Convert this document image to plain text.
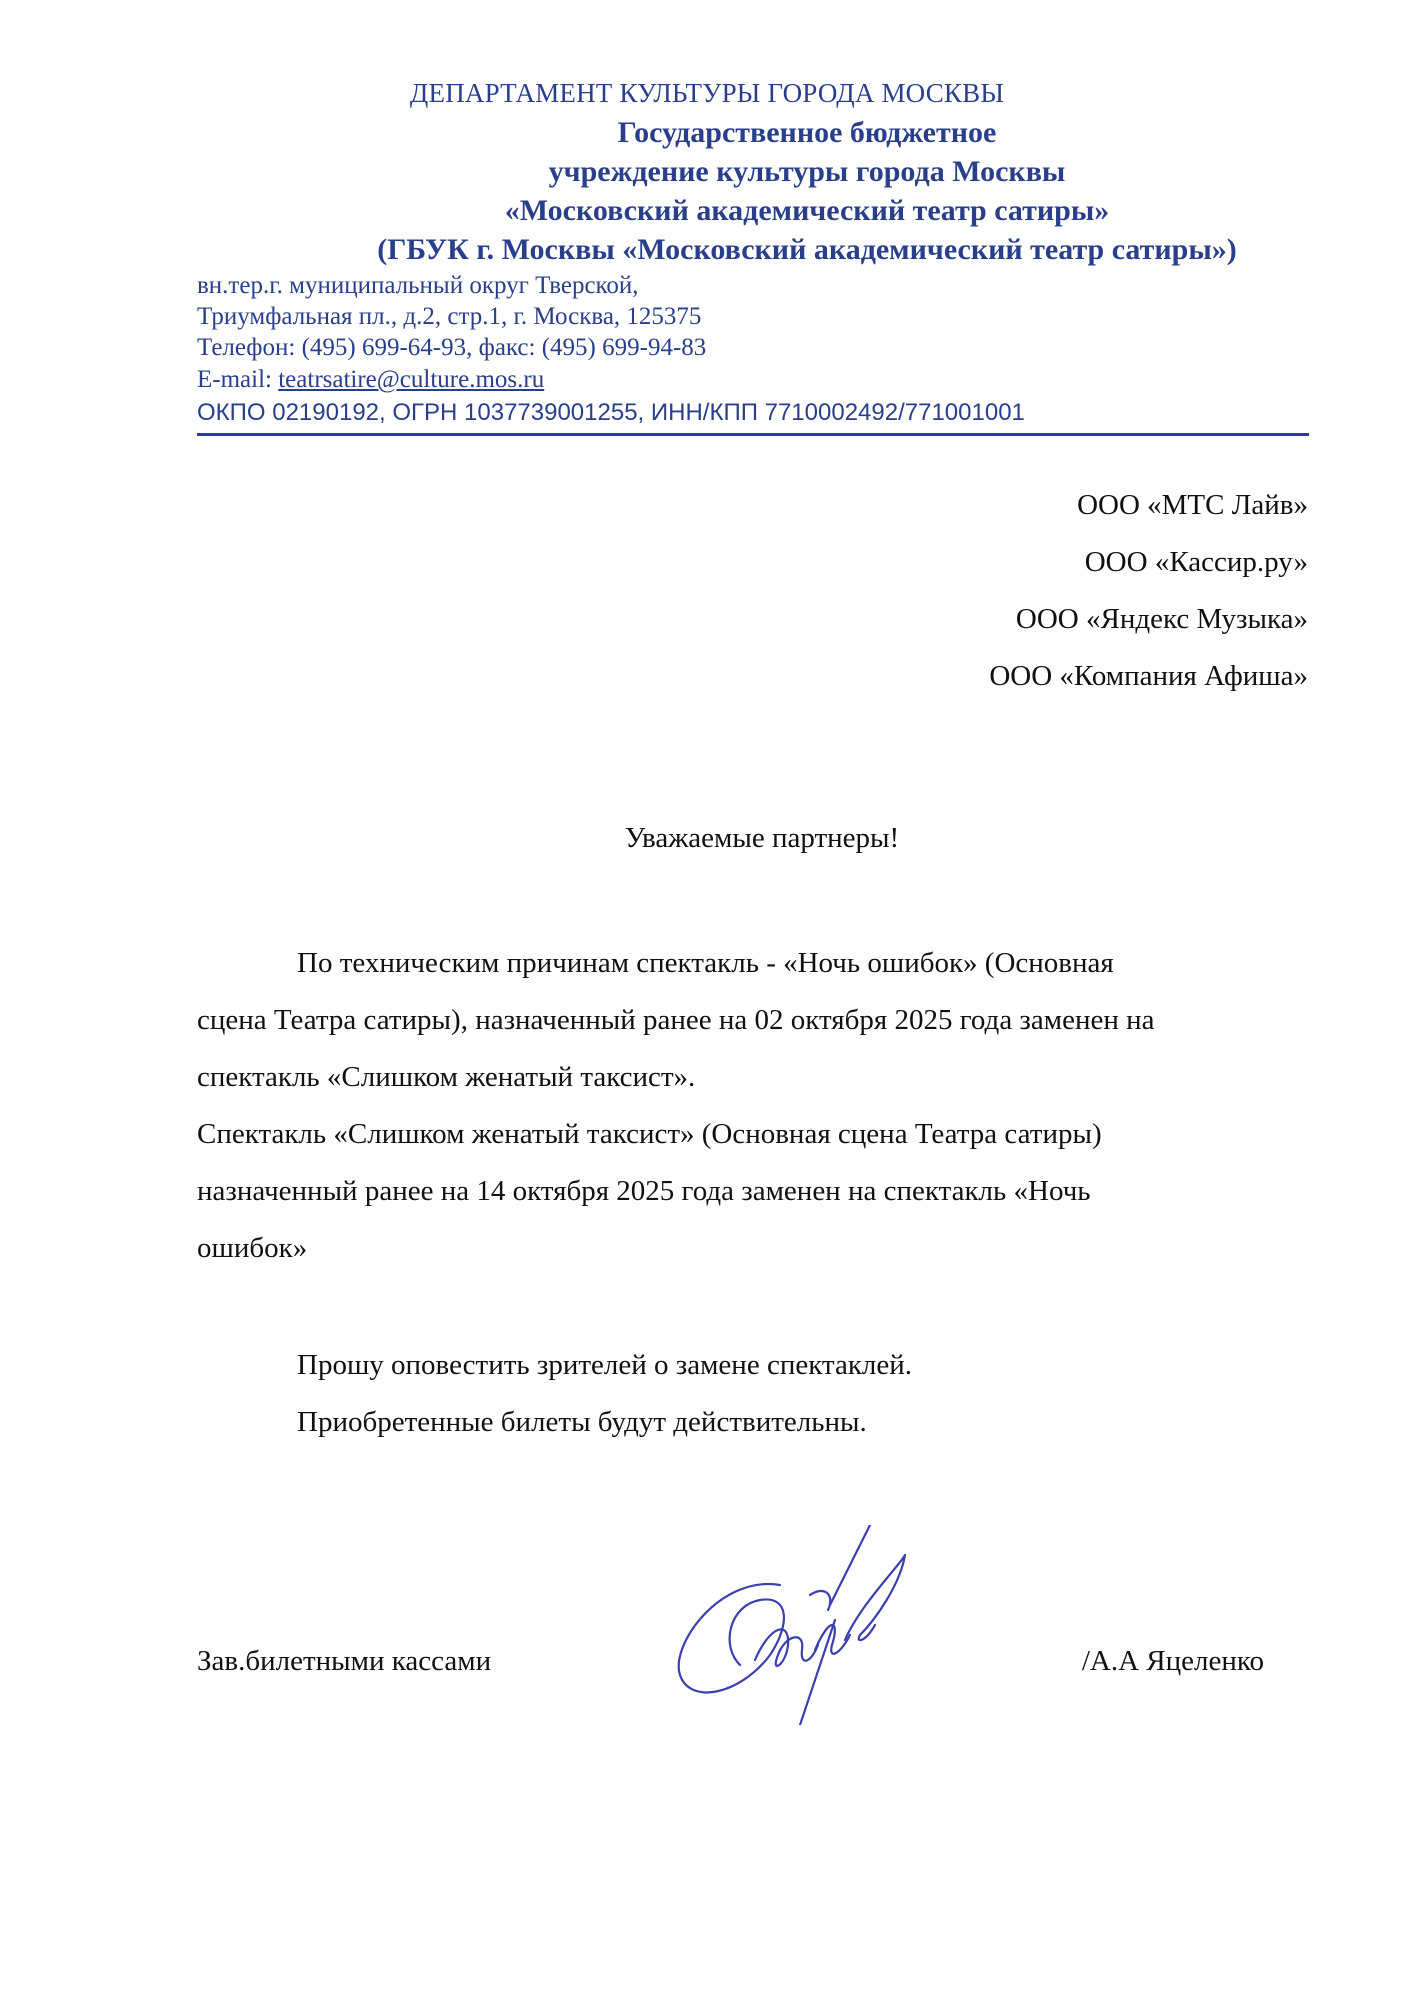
ДЕПАРТАМЕНТ КУЛЬТУРЫ ГОРОДА МОСКВЫ
Государственное бюджетное
учреждение культуры города Москвы
«Московский академический театр сатиры»
(ГБУК г. Москвы «Московский академический театр сатиры»)
вн.тер.г. муниципальный округ Тверской,
Триумфальная пл., д.2, стр.1, г. Москва, 125375
Телефон: (495) 699-64-93, факс: (495) 699-94-83
E-mail: teatrsatire@culture.mos.ru
ОКПО 02190192, ОГРН 1037739001255, ИНН/КПП 7710002492/771001001
ООО «МТС Лайв»
ООО «Кассир.ру»
ООО «Яндекс Музыка»
ООО «Компания Афиша»
Уважаемые партнеры!
По техническим причинам спектакль - «Ночь ошибок» (Основная
сцена Театра сатиры), назначенный ранее на 02 октября 2025 года заменен на
спектакль «Слишком женатый таксист».
Спектакль «Слишком женатый таксист» (Основная сцена Театра сатиры)
назначенный ранее на 14 октября 2025 года заменен на спектакль «Ночь
ошибок»
Прошу оповестить зрителей о замене спектаклей.
Приобретенные билеты будут действительны.
Зав.билетными кассами	/А.А Яцеленко
